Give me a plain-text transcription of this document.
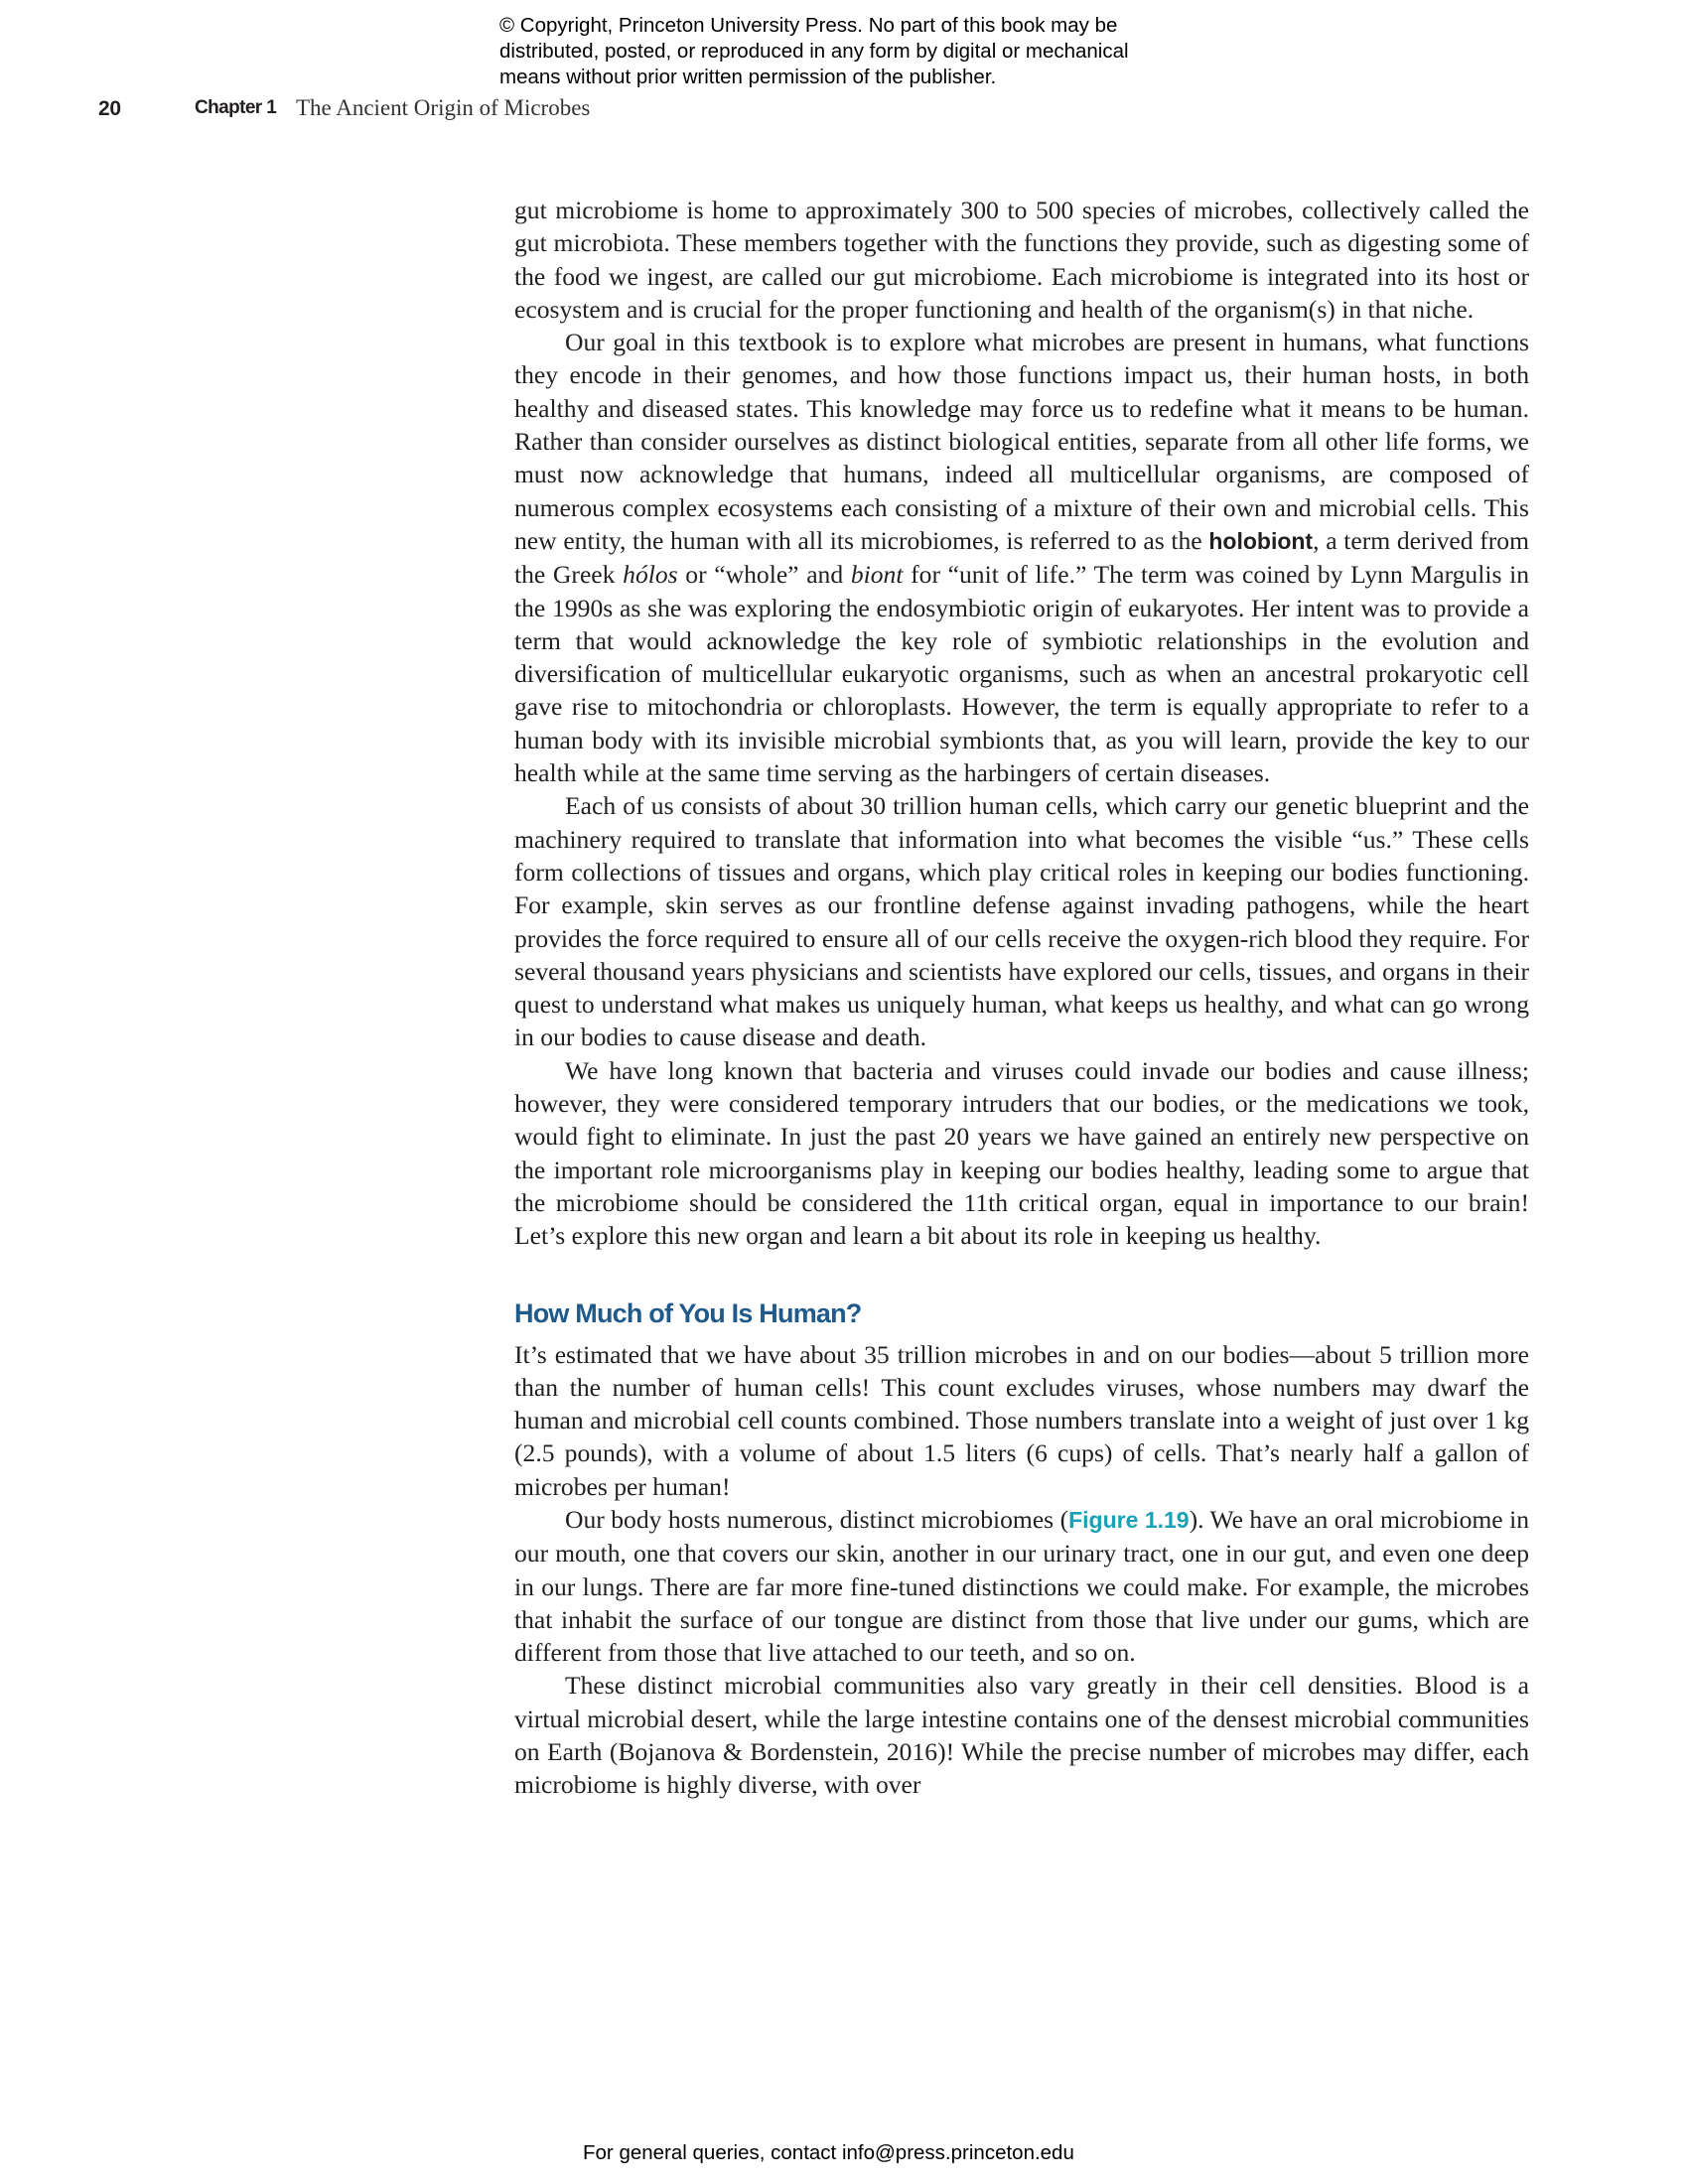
© Copyright, Princeton University Press. No part of this book may be
distributed, posted, or reproduced in any form by digital or mechanical
means without prior written permission of the publisher.
20	Chapter 1 The Ancient Origin of Microbes

gut microbiome is home to approximately 300 to 500 species of microbes, collectively called the gut microbiota. These members together with the functions they provide, such as digesting some of the food we ingest, are called our gut microbiome. Each microbiome is integrated into its host or ecosystem and is crucial for the proper functioning and health of the organism(s) in that niche.

Our goal in this textbook is to explore what microbes are present in humans, what functions they encode in their genomes, and how those functions impact us, their human hosts, in both healthy and diseased states. This knowledge may force us to redefine what it means to be human. Rather than consider ourselves as distinct biological entities, separate from all other life forms, we must now acknowledge that humans, indeed all multicellular organisms, are composed of numerous complex ecosystems each consisting of a mixture of their own and microbial cells. This new entity, the human with all its microbiomes, is referred to as the holobiont, a term derived from the Greek hólos or “whole” and biont for “unit of life.” The term was coined by Lynn Margulis in the 1990s as she was exploring the endosymbiotic origin of eukaryotes. Her intent was to provide a term that would acknowledge the key role of symbiotic relationships in the evolution and diversification of multicellular eukaryotic organisms, such as when an ancestral prokaryotic cell gave rise to mitochondria or chloroplasts. However, the term is equally appropriate to refer to a human body with its invisible microbial symbionts that, as you will learn, provide the key to our health while at the same time serving as the harbingers of certain diseases.

Each of us consists of about 30 trillion human cells, which carry our genetic blueprint and the machinery required to translate that information into what becomes the visible “us.” These cells form collections of tissues and organs, which play critical roles in keeping our bodies functioning. For example, skin serves as our frontline defense against invading pathogens, while the heart provides the force required to ensure all of our cells receive the oxygen-rich blood they require. For several thousand years physicians and scientists have explored our cells, tissues, and organs in their quest to understand what makes us uniquely human, what keeps us healthy, and what can go wrong in our bodies to cause disease and death.

We have long known that bacteria and viruses could invade our bodies and cause illness; however, they were considered temporary intruders that our bodies, or the medications we took, would fight to eliminate. In just the past 20 years we have gained an entirely new perspective on the important role microorganisms play in keeping our bodies healthy, leading some to argue that the microbiome should be considered the 11th critical organ, equal in importance to our brain! Let’s explore this new organ and learn a bit about its role in keeping us healthy.

How Much of You Is Human?

It’s estimated that we have about 35 trillion microbes in and on our bodies—about 5 trillion more than the number of human cells! This count excludes viruses, whose numbers may dwarf the human and microbial cell counts combined. Those numbers translate into a weight of just over 1 kg (2.5 pounds), with a volume of about 1.5 liters (6 cups) of cells. That’s nearly half a gallon of microbes per human!

Our body hosts numerous, distinct microbiomes (Figure 1.19). We have an oral microbiome in our mouth, one that covers our skin, another in our urinary tract, one in our gut, and even one deep in our lungs. There are far more fine-tuned distinctions we could make. For example, the microbes that inhabit the surface of our tongue are distinct from those that live under our gums, which are different from those that live attached to our teeth, and so on.

These distinct microbial communities also vary greatly in their cell densities. Blood is a virtual microbial desert, while the large intestine contains one of the densest microbial communities on Earth (Bojanova & Bordenstein, 2016)! While the precise number of microbes may differ, each microbiome is highly diverse, with over

For general queries, contact info@press.princeton.edu
